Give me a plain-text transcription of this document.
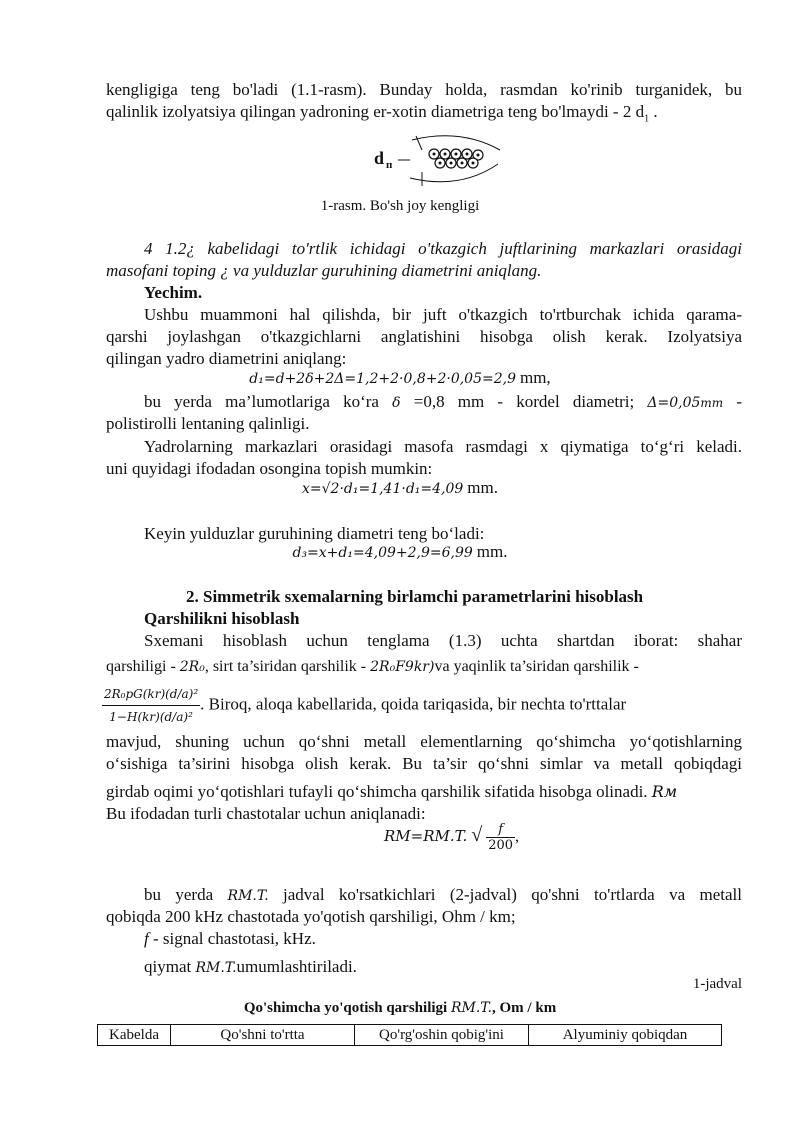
kengligiga teng bo'ladi (1.1-rasm). Bunday holda, rasmdan ko'rinib turganidek, bu

qalinlik izolyatsiya qilingan yadroning er-xotin diametriga teng bo'lmaydi - 2 $d_1$ .

d п
1-rasm. Bo'sh joy kengligi

4 1.2¿ kabelidagi to'rtlik ichidagi o'tkazgich juftlarining markazlari orasidagi

masofani toping ¿ va yulduzlar guruhining diametrini aniqlang.

Yechim.

Ushbu muammoni hal qilishda, bir juft o'tkazgich to'rtburchak ichida qarama-

qarshi joylashgan o'tkazgichlarni anglatishini hisobga olish kerak. Izolyatsiya

qilingan yadro diametrini aniqlang:

d₁=d+2δ+2Δ=1,2+2·0,8+2·0,05=2,9 mm,

bu yerda ma’lumotlariga ko‘ra δ =0,8 mm - kordel diametri; Δ=0,05mm -

polistirolli lentaning qalinligi.

Yadrolarning markazlari orasidagi masofa rasmdagi x qiymatiga to‘g‘ri keladi.

uni quyidagi ifodadan osongina topish mumkin:

x=√2·d₁=1,41·d₁=4,09 mm.

Keyin yulduzlar guruhining diametri teng bo‘ladi:

d₃=x+d₁=4,09+2,9=6,99 mm.

2. Simmetrik sxemalarning birlamchi parametrlarini hisoblash

Qarshilikni hisoblash

Sxemani hisoblash uchun tenglama (1.3) uchta shartdan iborat: shahar

qarshiligi - 2R₀, sirt ta’siridan qarshilik - 2R₀F9kr)va yaqinlik ta’siridan qarshilik -

$\frac{\text{2R₀pG(kr)(d/a)²}}{\text{1−H(kr)(d/a)²}}$ . Biroq, aloqa kabellarida, qoida tariqasida, bir nechta to'rttalar

mavjud, shuning uchun qo‘shni metall elementlarning qo‘shimcha yo‘qotishlarning

o‘sishiga ta’sirini hisobga olish kerak. Bu ta’sir qo‘shni simlar va metall qobiqdagi

girdab oqimi yo‘qotishlari tufayli qo‘shimcha qarshilik sifatida hisobga olinadi. Rм

Bu ifodadan turli chastotalar uchun aniqlanadi:

RM=RM.T. √ $\frac{f}{200}$ ,

bu yerda RM.T. jadval ko'rsatkichlari (2-jadval) qo'shni to'rtlarda va metall

qobiqda 200 kHz chastotada yo'qotish qarshiligi, Ohm / km;

f - signal chastotasi, kHz.

qiymat RM.T.umumlashtiriladi.

1-jadval
Qo'shimcha yo'qotish qarshiligi RM.T., Om / km
Kabelda	Qo'shni to'rtta	Qo'rg'oshin qobig'ini	Alyuminiy qobiqdan
